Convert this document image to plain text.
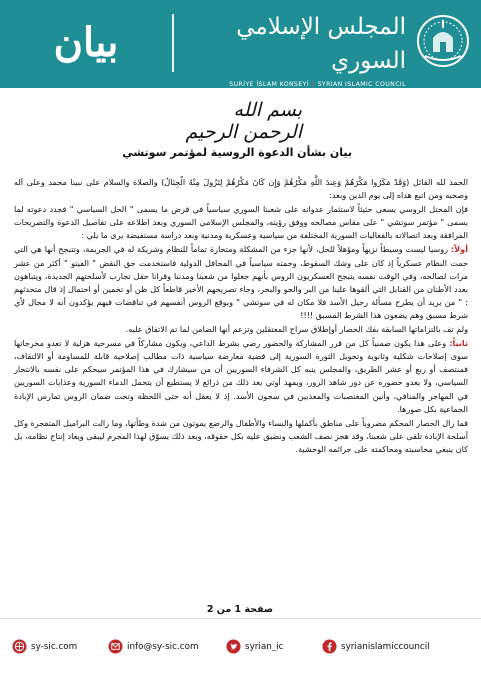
بيان	المجلس الإسلامي السوري
SURİYE İSLAM KONSEYİ | SYRIAN ISLAMIC COUNCIL
بسم الله الرحمن الرحيم
بيان بشأن الدعوة الروسية لمؤتمر سوتشي

الحمد لله القائل (وَقَدْ مَكَرُوا مَكْرَهُمْ وَعِندَ اللَّهِ مَكْرُهُمْ وَإِن كَانَ مَكْرُهُمْ لِتَزُولَ مِنْهُ الْجِبَالُ) والصلاة والسلام على نبينا محمد وعلى آله وصحبه ومن اتبع هداه إلى يوم الدين وبعد:

فإن المحتل الروسي يسعى حثيثاً لاستثمار عدوانه على شعبنا السوري سياسياً في فرض ما يسمى " الحل السياسي " فجدد دعوته لما يسمى " مؤتمر سوتشي " على مقاس مصالحه ووفق رؤيته، والمجلس الإسلامي السوري وبعد اطلاعه على تفاصيل الدعوة والتصريحات المرافقة وبعد اتصالاته بالفعاليات السورية المختلفة من سياسية وعسكرية ومدنية وبعد دراسة مستفيضة يرى ما يلي :

أولاً: روسيا ليست وسيطاً نزيهاً ومؤهلاً للحل، لأنها جزء من المشكلة ومتحازة تماماً للنظام وشريكة له في الجريمة، وتتبجح أنها هي التي حمت النظام عسكرياً إذ كان على وشك السقوط، وحمته سياسياً في المحافل الدولية فاستخدمت حق النقض " الفيتو " أكثر من عشر مرات لصالحه، وفي الوقت نفسه يتبجح العسكريون الروس بأنهم جعلوا من شعبنا ومدننا وقرانا حقل تجارب لأسلحتهم الجديدة، ويتباهون بعدد الأطنان من القنابل التي ألقوها علينا من البر والجو والبحر، وجاء تصريحهم الأخير قاطعاً كل ظن أو تخمين أو احتمال إذ قال متحدثهم : " من يريد أن يطرح مسألة رحيل الأسد فلا مكان له في سوتشي " ويوقع الروس أنفسهم في تناقضات فيهم يؤكدون أنه لا مجال لأي شرط مسبق وهم يضعون هذا الشرط المسبق !!!!

ولم تف بالتزاماتها السابقة بفك الحصار أوإطلاق سراح المعتقلين وتزعم أنها الضامن لما تم الاتفاق عليه.

ثانياً: وعلى هذا يكون ضمنياً كل من قرر المشاركة والحضور رضي بشرط الداعي، ويكون مشاركاً في مسرحية هزلية لا تعدو مخرجاتها سوى إصلاحات شكلية وثانوية وتحويل الثورة السورية إلى قضية معارضة سياسية ذات مطالب إصلاحية قابلة للمساومة أو الالتفاف، فمنتصف أو ربع أو عشر الطريق، والمجلس ينبه كل الشرفاء السوريين أن من سيشارك في هذا المؤتمر سيحكم على نفسه بالانتحار السياسي، ولا يعدو حضوره عن دور شاهد الزور، ويمهد أوتي بعد ذلك من ذرائع لا يستطيع أن يتحمل الدماء السورية وعذابات السوريين في المهاجر والمنافي، وأنين المغتصبات والمعذبين في سجون الأسد. إذ لا يعقل أنه حتى اللحظة وتحت ضمان الروس تمارس الإبادة الجماعية بكل صورها.

فما زال الحصار المحكم مضروباً على مناطق بأكملها والنساء والأطفال والرضع يموتون من شدة وطأتها، وما زالت البراميل المتفجرة وكل أسلحة الإبادة تلقى على شعبنا، وقد هجر نصف الشعب ونضيق عليه بكل حقوقه، وبعد ذلك يسوّق لهذا المجرم ليبقى ويعاد إنتاج نظامه، بل كان ينبغي محاسبته ومحاكمته على جرائمه الوحشية.

صفحة 1 من 2
sy-sic.com	info@sy-sic.com	syrian_ic	syrianislamiccouncil
